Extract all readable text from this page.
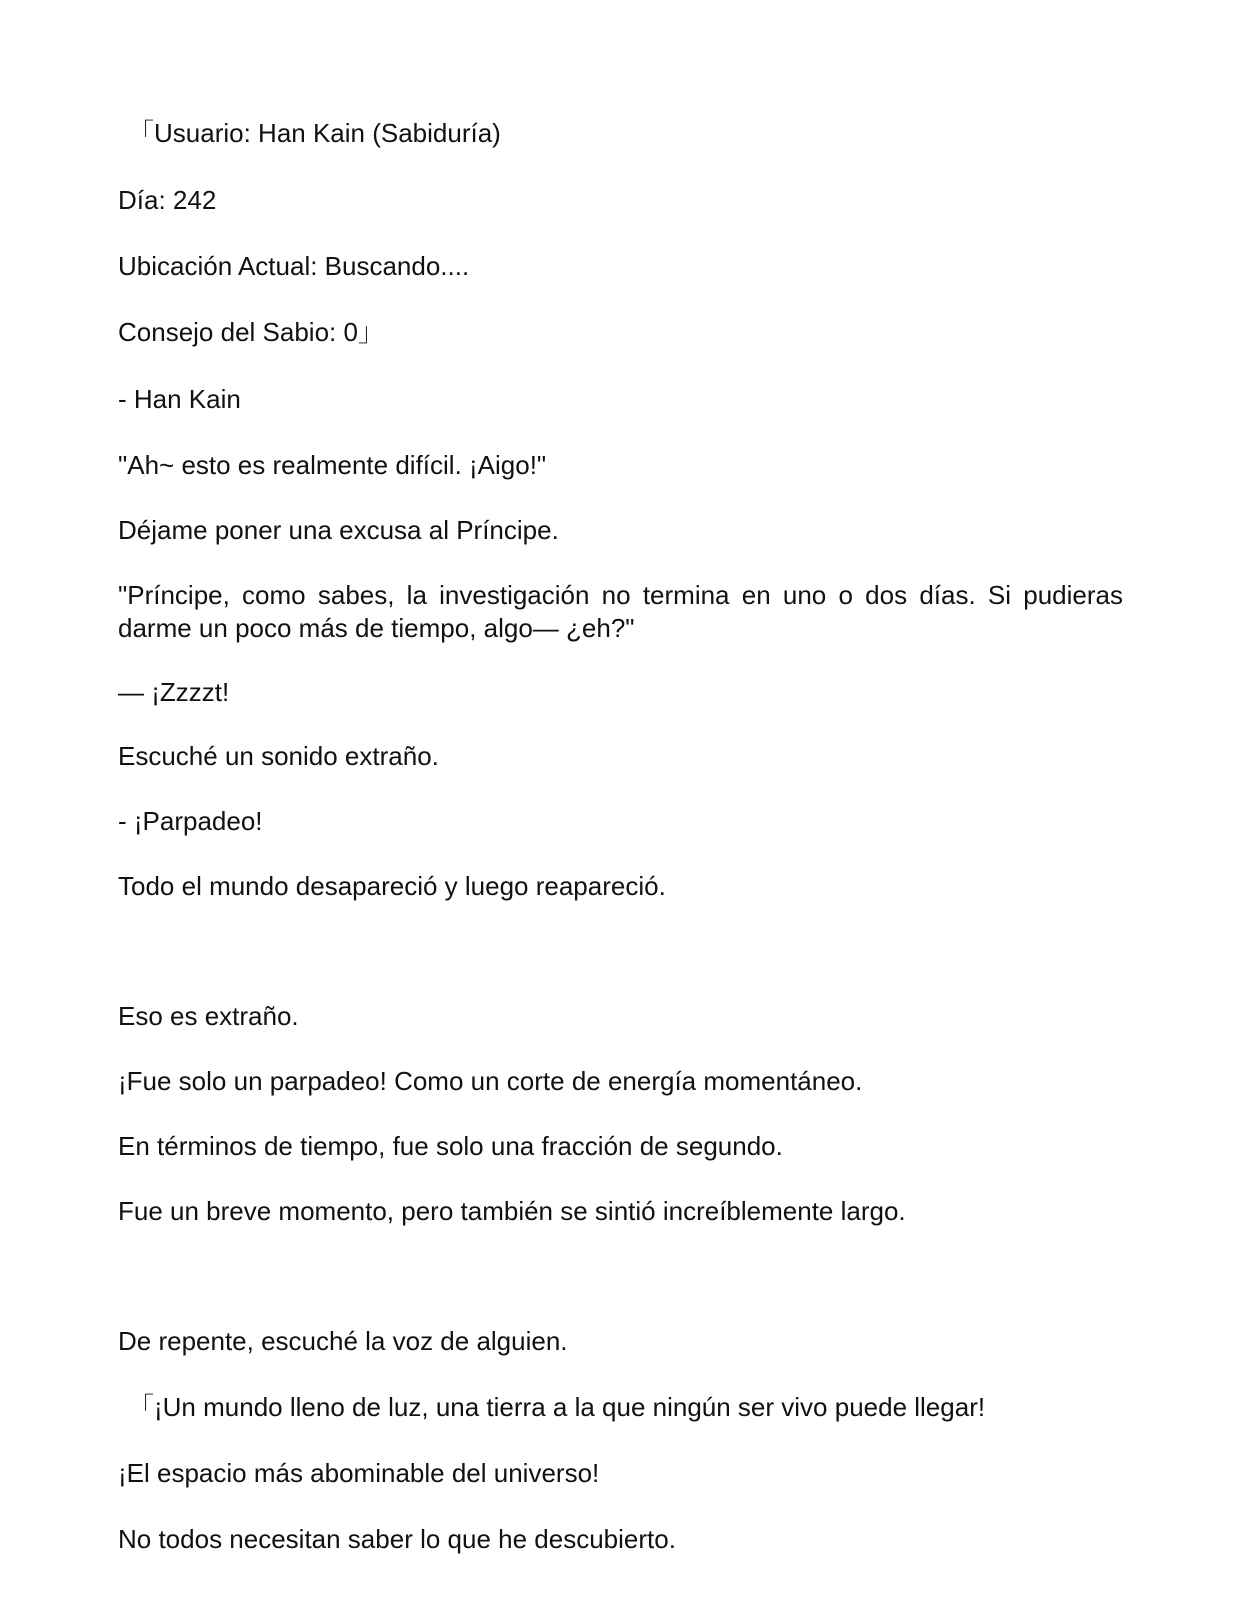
「Usuario: Han Kain (Sabiduría)

Día: 242

Ubicación Actual: Buscando....

Consejo del Sabio: 0」

- Han Kain

"Ah~ esto es realmente difícil. ¡Aigo!"

Déjame poner una excusa al Príncipe.

"Príncipe, como sabes, la investigación no termina en uno o dos días. Si pudieras darme un poco más de tiempo, algo— ¿eh?"

— ¡Zzzzt!

Escuché un sonido extraño.

- ¡Parpadeo!

Todo el mundo desapareció y luego reapareció.

Eso es extraño.

¡Fue solo un parpadeo! Como un corte de energía momentáneo.

En términos de tiempo, fue solo una fracción de segundo.

Fue un breve momento, pero también se sintió increíblemente largo.

De repente, escuché la voz de alguien.

「¡Un mundo lleno de luz, una tierra a la que ningún ser vivo puede llegar!

¡El espacio más abominable del universo!

No todos necesitan saber lo que he descubierto.
